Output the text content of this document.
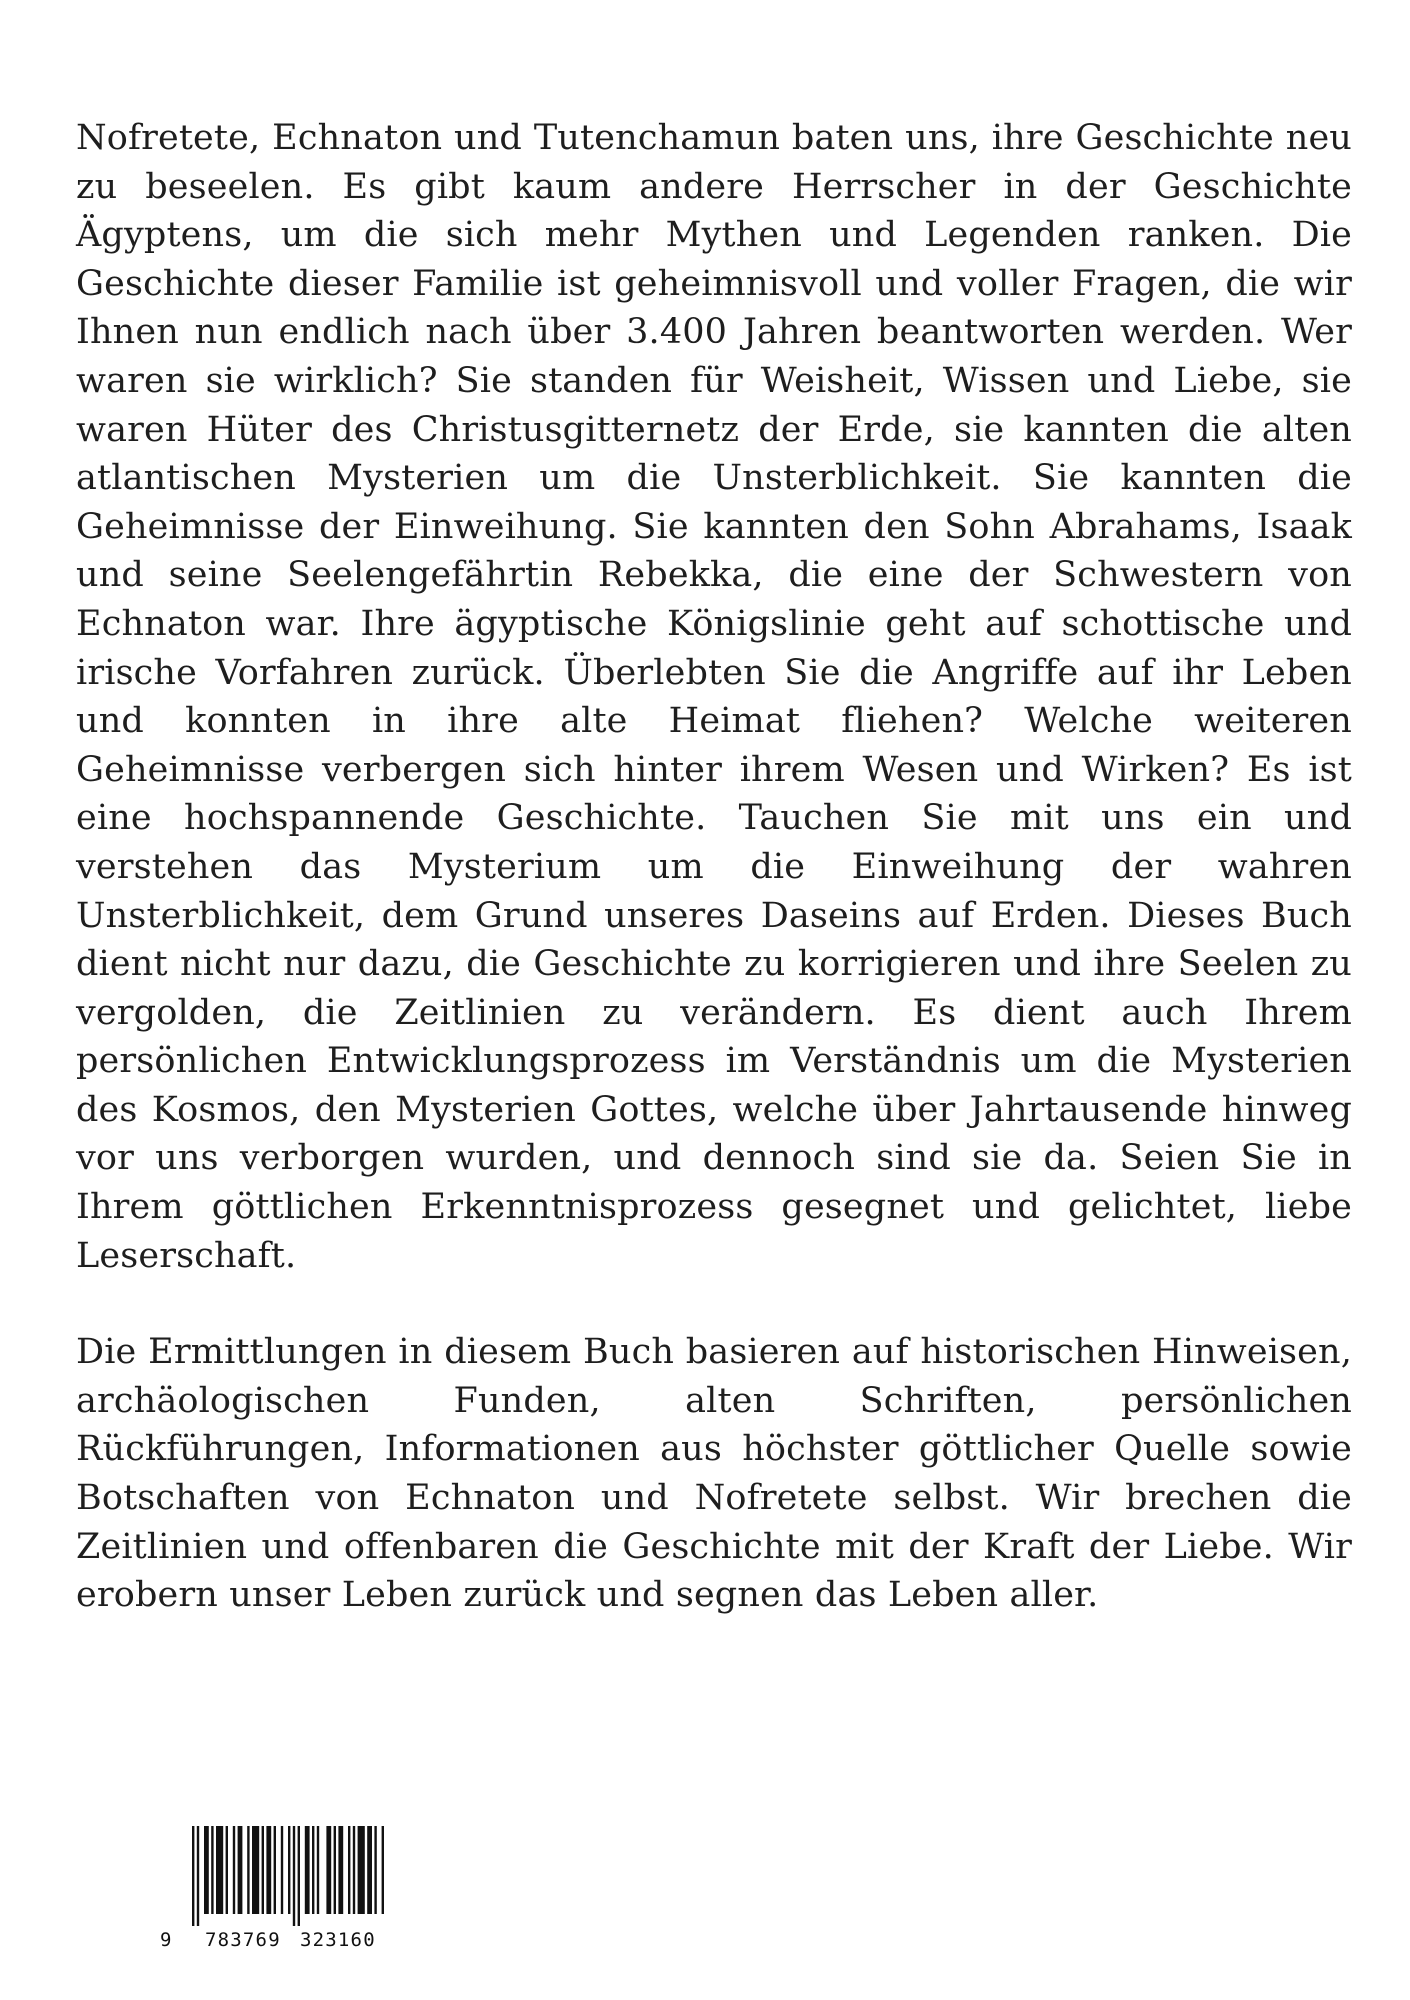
Nofretete, Echnaton und Tutenchamun baten uns, ihre Geschichte neu zu beseelen. Es gibt kaum andere Herrscher in der Geschichte Ägyptens, um die sich mehr Mythen und Legenden ranken. Die Geschichte dieser Familie ist geheimnisvoll und voller Fragen, die wir Ihnen nun endlich nach über 3.400 Jahren beantworten werden. Wer waren sie wirklich? Sie standen für Weisheit, Wissen und Liebe, sie waren Hüter des Christusgitternetz der Erde, sie kannten die alten atlantischen Mysterien um die Unsterblichkeit. Sie kannten die Geheimnisse der Einweihung. Sie kannten den Sohn Abrahams, Isaak und seine Seelengefährtin Rebekka, die eine der Schwestern von Echnaton war. Ihre ägyptische Königslinie geht auf schottische und irische Vorfahren zurück. Überlebten Sie die Angriffe auf ihr Leben und konnten in ihre alte Heimat fliehen? Welche weiteren Geheimnisse verbergen sich hinter ihrem Wesen und Wirken? Es ist eine hochspannende Geschichte. Tauchen Sie mit uns ein und verstehen das Mysterium um die Einweihung der wahren Unsterblichkeit, dem Grund unseres Daseins auf Erden. Dieses Buch dient nicht nur dazu, die Geschichte zu korrigieren und ihre Seelen zu vergolden, die Zeitlinien zu verändern. Es dient auch Ihrem persönlichen Entwicklungsprozess im Verständnis um die Mysterien des Kosmos, den Mysterien Gottes, welche über Jahrtausende hinweg vor uns verborgen wurden, und dennoch sind sie da. Seien Sie in Ihrem göttlichen Erkenntnisprozess gesegnet und gelichtet, liebe Leserschaft.

Die Ermittlungen in diesem Buch basieren auf historischen Hinweisen, archäologischen Funden, alten Schriften, persönlichen Rückführungen, Informationen aus höchster göttlicher Quelle sowie Botschaften von Echnaton und Nofretete selbst. Wir brechen die Zeitlinien und offenbaren die Geschichte mit der Kraft der Liebe. Wir erobern unser Leben zurück und segnen das Leben aller.

9 783769 323160
